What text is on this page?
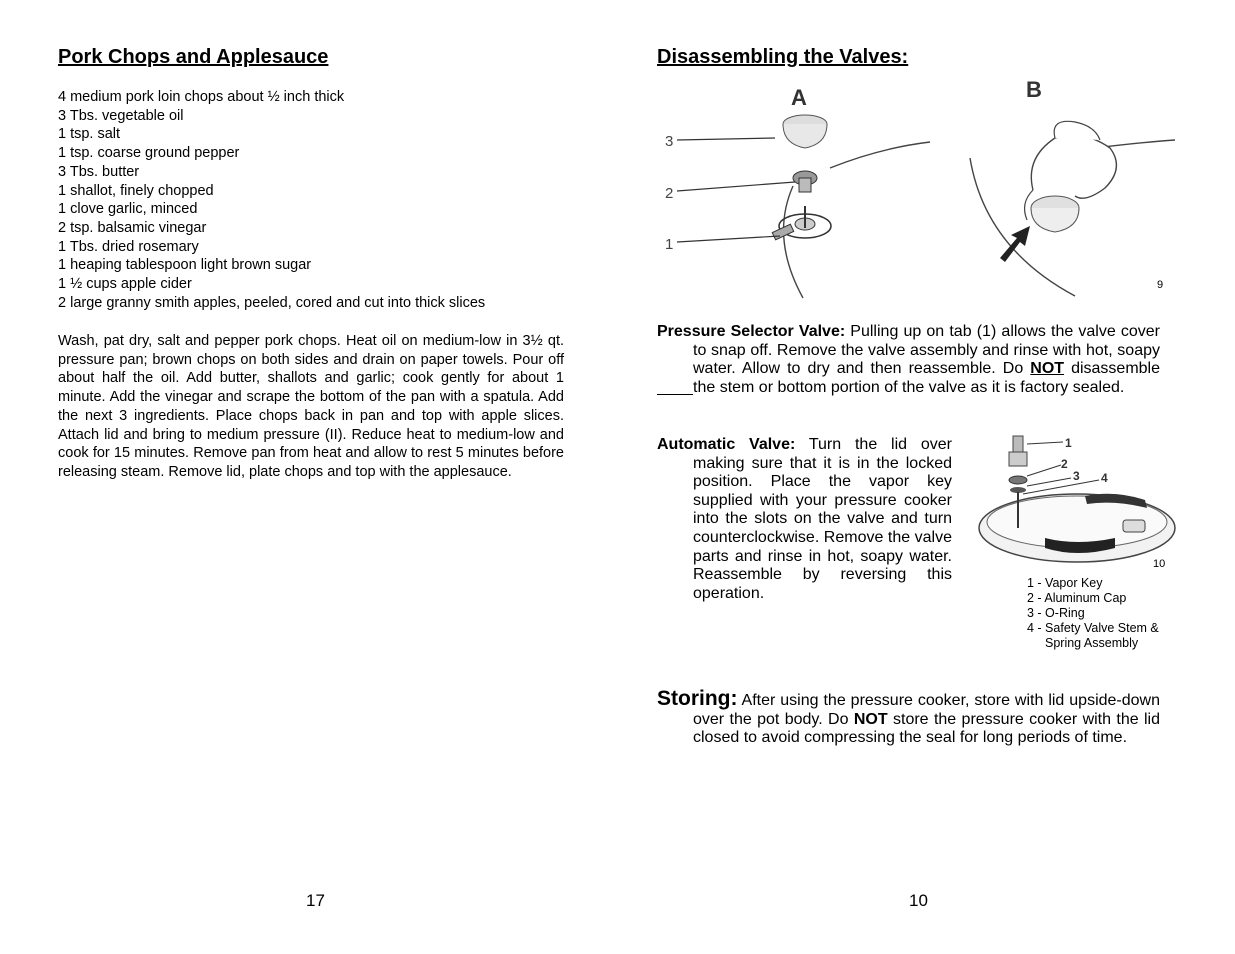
Pork Chops and Applesauce
4 medium pork loin chops about ½ inch thick
3 Tbs. vegetable oil
1 tsp. salt
1 tsp. coarse ground pepper
3 Tbs. butter
1 shallot, finely chopped
1 clove garlic, minced
2 tsp. balsamic vinegar
1 Tbs. dried rosemary
1 heaping tablespoon light brown sugar
1 ½ cups apple cider
2 large granny smith apples, peeled, cored and cut into thick slices
Wash, pat dry, salt and pepper pork chops. Heat oil on medium-low in 3½ qt. pressure pan; brown chops on both sides and drain on paper towels. Pour off about half the oil. Add butter, shallots and garlic; cook gently for about 1 minute. Add the vinegar and scrape the bottom of the pan with a spatula. Add the next 3 ingredients. Place chops back in pan and top with apple slices. Attach lid and bring to medium pressure (II). Reduce heat to medium-low and cook for 15 minutes. Remove pan from heat and allow to rest 5 minutes before releasing steam. Remove lid, plate chops and top with the applesauce.
17
Disassembling the Valves:
3
2
1
A	B
9
Pressure Selector Valve: Pulling up on tab (1) allows the valve cover to snap off. Remove the valve assembly and rinse with hot, soapy water. Allow to dry and then reassemble. Do NOT disassemble the stem or bottom portion of the valve as it is factory sealed.
Automatic Valve: Turn the lid over making sure that it is in the locked position. Place the vapor key supplied with your pressure cooker into the slots on the valve and turn counterclockwise. Remove the valve parts and rinse in hot, soapy water. Reassemble by reversing this operation.
1
2
3 4
10
1 - Vapor Key
2 - Aluminum Cap
3 - O-Ring
4 - Safety Valve Stem &
Spring Assembly
Storing: After using the pressure cooker, store with lid upside-down over the pot body. Do NOT store the pressure cooker with the lid closed to avoid compressing the seal for long periods of time.
10
